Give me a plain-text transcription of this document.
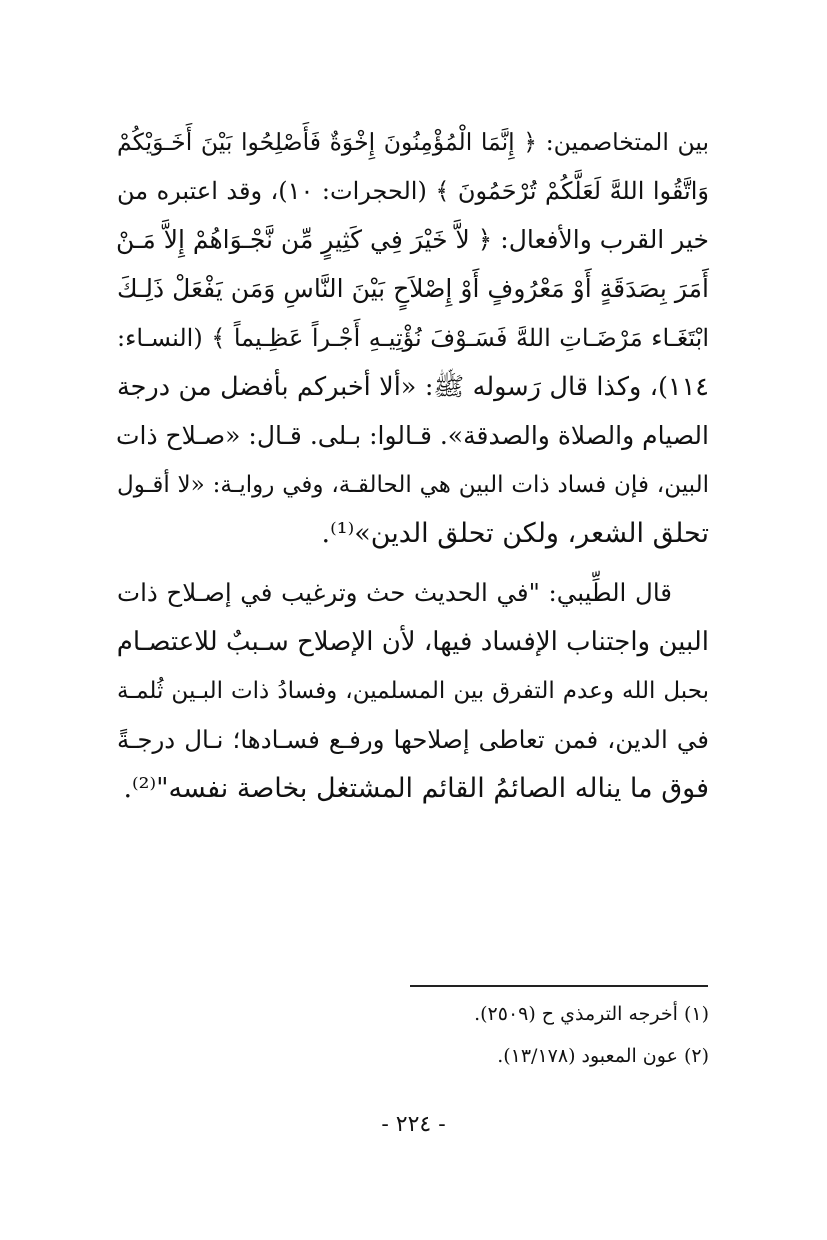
بين المتخاصمين: ﴿ إِنَّمَا الْمُؤْمِنُونَ إِخْوَةٌ فَأَصْلِحُوا بَيْنَ أَخَـوَيْكُمْ
وَاتَّقُوا اللهَّ لَعَلَّكُمْ تُرْحَمُونَ ﴾ (الحجرات: ١٠)، وقد اعتبره من
خير القرب والأفعال: ﴿ لاَّ خَيْرَ فِي كَثِيرٍ مِّن نَّجْـوَاهُمْ إِلاَّ مَـنْ
أَمَرَ بِصَدَقَةٍ أَوْ مَعْرُوفٍ أَوْ إِصْلاَحٍ بَيْنَ النَّاسِ وَمَن يَفْعَلْ ذَلِـكَ
ابْتَغَـاء مَرْضَـاتِ اللهَّ فَسَـوْفَ نُؤْتِيـهِ أَجْـراً عَظِـيماً ﴾ (النسـاء:
١١٤)، وكذا قال رَسوله ﷺ: «ألا أخبركم بأفضل من درجة
الصيام والصلاة والصدقة». قـالوا: بـلى. قـال: «صـلاح ذات
البين، فإن فساد ذات البين هي الحالقـة، وفي روايـة: «لا أقـول
تحلق الشعر، ولكن تحلق الدين»⁽¹⁾.
قال الطِّيبي: "في الحديث حث وترغيب في إصـلاح ذات
البين واجتناب الإفساد فيها، لأن الإصلاح سـببٌ للاعتصـام
بحبل الله وعدم التفرق بين المسلمين، وفسادُ ذات البـين ثُلمـة
في الدين، فمن تعاطى إصلاحها ورفـع فسـادها؛ نـال درجـةً
فوق ما يناله الصائمُ القائم المشتغل بخاصة نفسه"⁽²⁾.
(١) أخرجه الترمذي ح (٢٥٠٩).
(٢) عون المعبود (١٣/١٧٨).
- ٢٢٤ -
